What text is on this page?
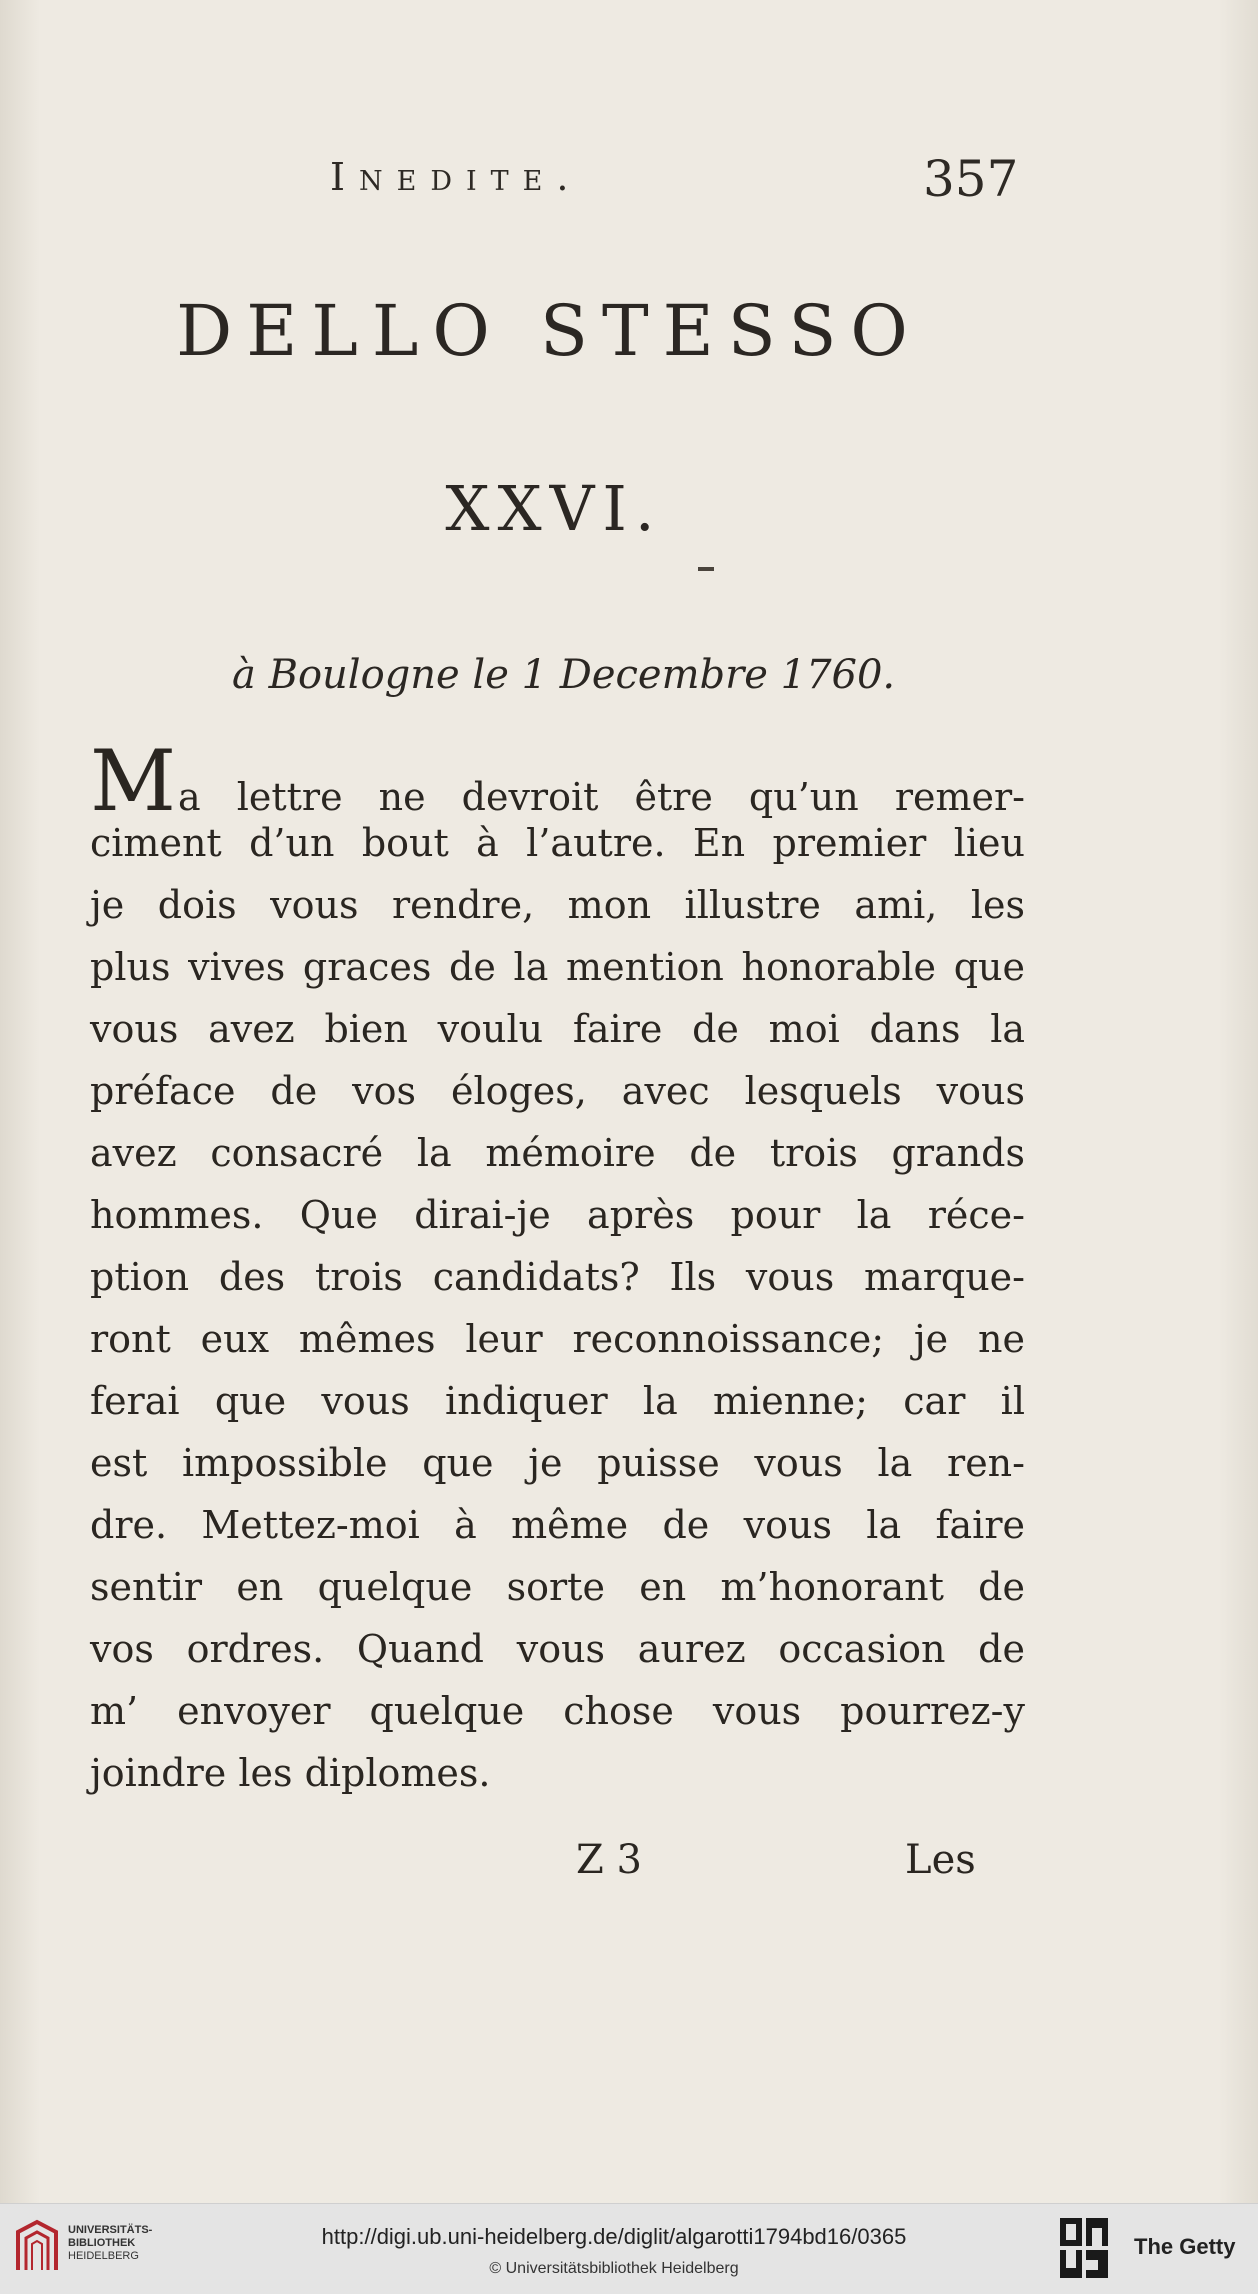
Inedite.	357
DELLO STESSO
XXVI.
à Boulogne le 1 Decembre 1760.
Ma lettre ne devroit être qu’un remer-
ciment d’un bout à l’autre. En premier lieu
je dois vous rendre, mon illustre ami, les
plus vives graces de la mention honorable que
vous avez bien voulu faire de moi dans la
préface de vos éloges, avec lesquels vous
avez consacré la mémoire de trois grands
hommes. Que dirai-je après pour la réce-
ption des trois candidats? Ils vous marque-
ront eux mêmes leur reconnoissance; je ne
ferai que vous indiquer la mienne; car il
est impossible que je puisse vous la ren-
dre. Mettez-moi à même de vous la faire
sentir en quelque sorte en m’honorant de
vos ordres. Quand vous aurez occasion de
m’ envoyer quelque chose vous pourrez-y
joindre les diplomes.
Z 3	Les
UNIVERSITÄTS-
BIBLIOTHEK
HEIDELBERG
http://digi.ub.uni-heidelberg.de/diglit/algarotti1794bd16/0365
© Universitätsbibliothek Heidelberg
The Getty
